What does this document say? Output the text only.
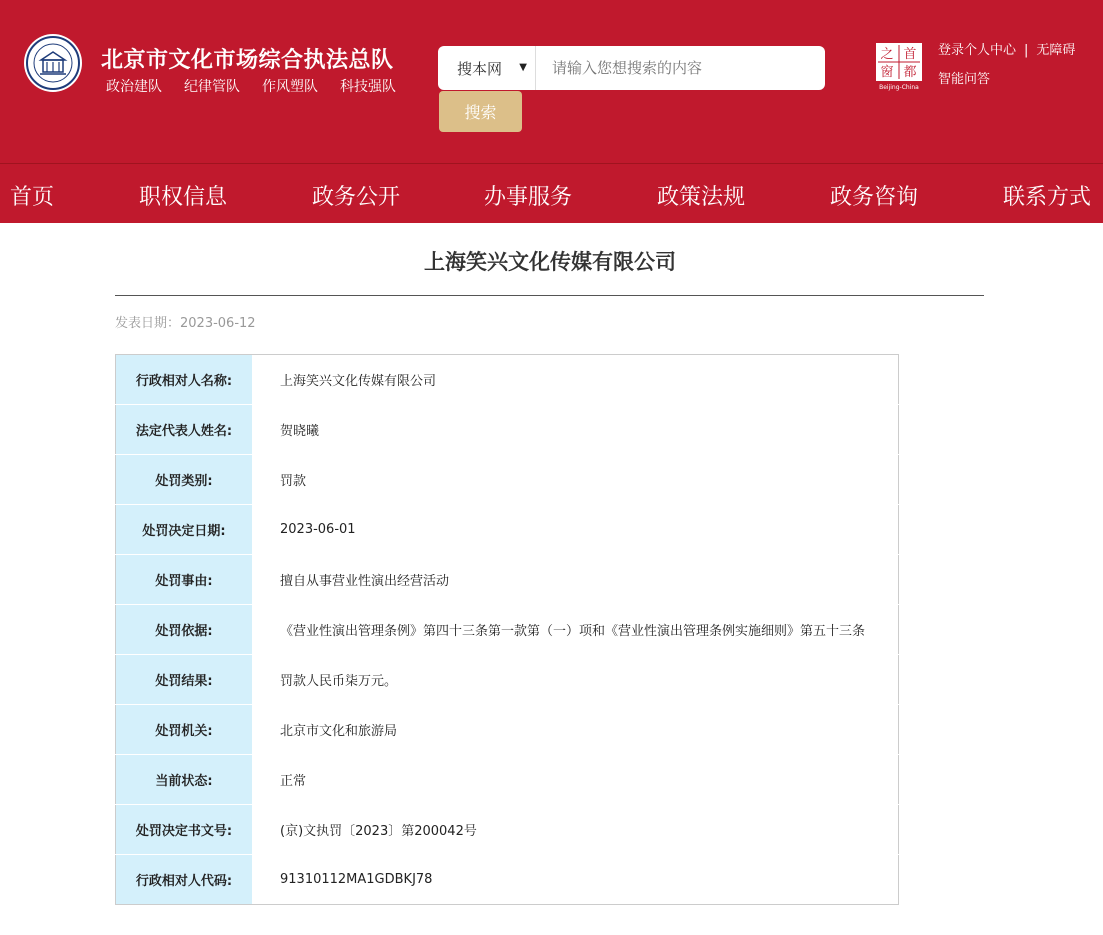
北京市文化市场综合执法总队
政治建队 纪律管队 作风塑队 科技强队
搜本网 ▼
请输入您想搜索的内容
搜索
之 首
窗 都
Beijing-China
登录个人中心 | 无障碍
智能问答
首页	职权信息	政务公开	办事服务	政策法规	政务咨询	联系方式
上海笑兴文化传媒有限公司
发表日期：2023-06-12
行政相对人名称:	上海笑兴文化传媒有限公司
法定代表人姓名:	贺晓曦
处罚类别:	罚款
处罚决定日期:	2023-06-01
处罚事由:	擅自从事营业性演出经营活动
处罚依据:	《营业性演出管理条例》第四十三条第一款第（一）项和《营业性演出管理条例实施细则》第五十三条
处罚结果:	罚款人民币柒万元。
处罚机关:	北京市文化和旅游局
当前状态:	正常
处罚决定书文号:	(京)文执罚〔2023〕第200042号
行政相对人代码:	91310112MA1GDBKJ78
